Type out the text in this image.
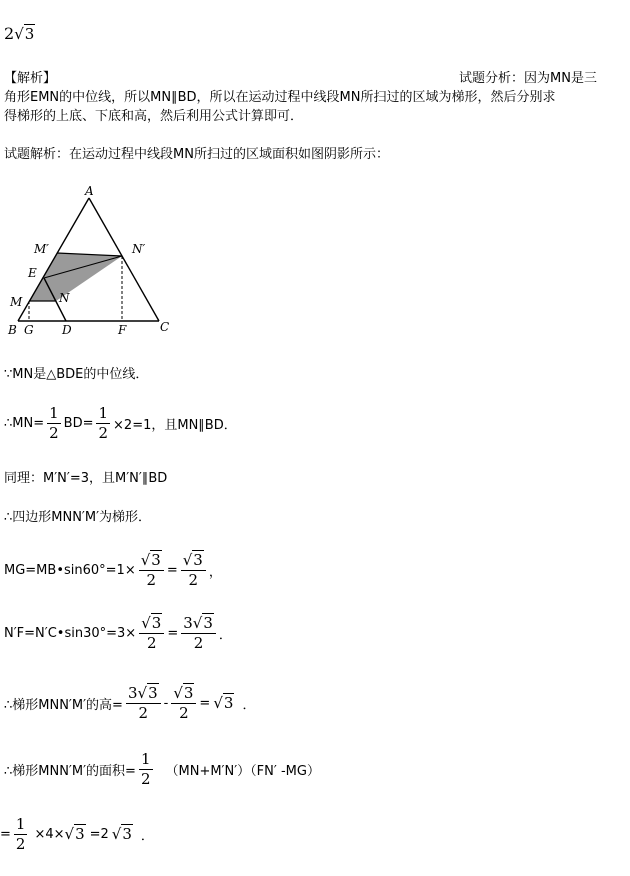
2√3
【解析】	试题分析：因为MN是三
角形EMN的中位线，所以MN∥BD，所以在运动过程中线段MN所扫过的区域为梯形，然后分别求
得梯形的上底、下底和高，然后利用公式计算即可．
试题解析：在运动过程中线段MN所扫过的区域面积如图阴影所示：
A
M′	N′
E
M	N
B G D	F	C
∵MN是△BDE的中位线．
∴MN= $\frac{1}{2} BD= \frac{1}{2} \times 2=1$，且MN∥BD．
同理：M′N′=3，且M′N′∥BD
∴四边形MNN′M′为梯形．
MG=MB•sin60°=1× $\frac{√3}{2} = \frac{√3}{2}$ ，
N′F=N′C•sin30°=3× $\frac{√3}{2} = \frac{3√3}{2}$ ．
∴梯形MNN′M′的高= $\frac{3√3}{2} - \frac{√3}{2} = √3$ ．
∴梯形MNN′M′的面积= $\frac{1}{2} (MN+M'N')(FN'$ -MG）
= $\frac{1}{2} \times 4\times √3 =2$ √3 ．
